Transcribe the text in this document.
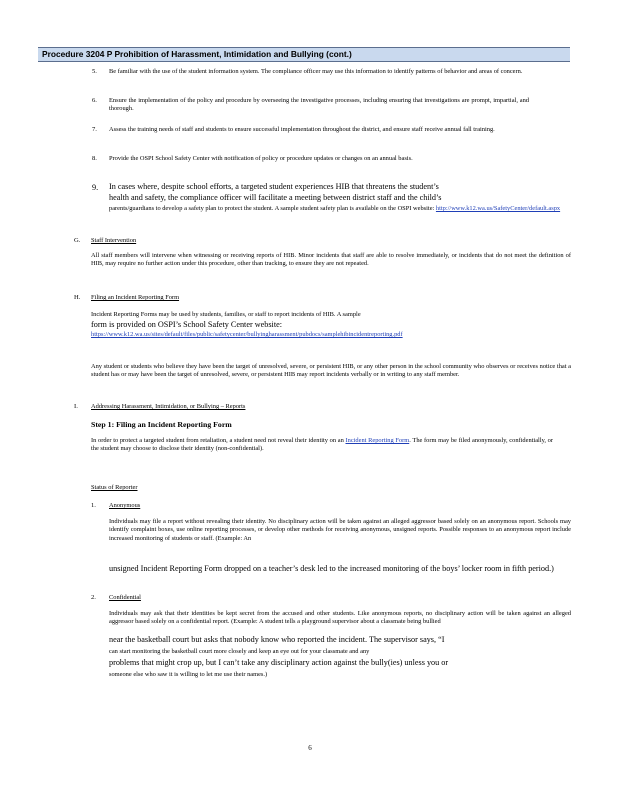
Procedure 3204 P Prohibition of Harassment, Intimidation and Bullying (cont.)
5. Be familiar with the use of the student information system. The compliance officer may use this information to identify patterns of behavior and areas of concern.
6. Ensure the implementation of the policy and procedure by overseeing the investigative processes, including ensuring that investigations are prompt, impartial, and thorough.
7. Assess the training needs of staff and students to ensure successful implementation throughout the district, and ensure staff receive annual fall training.
8. Provide the OSPI School Safety Center with notification of policy or procedure updates or changes on an annual basis.
9. In cases where, despite school efforts, a targeted student experiences HIB that threatens the student’s
health and safety, the compliance officer will facilitate a meeting between district staff and the child’s
parents/guardians to develop a safety plan to protect the student. A sample student safety plan is available on the OSPI website: http://www.k12.wa.us/SafetyCenter/default.aspx
G. Staff Intervention
All staff members will intervene when witnessing or receiving reports of HIB. Minor incidents that staff are able to resolve immediately, or incidents that do not meet the definition of HIB, may require no further action under this procedure, other than tracking, to ensure they are not repeated.
H. Filing an Incident Reporting Form
Incident Reporting Forms may be used by students, families, or staff to report incidents of HIB. A sample
form is provided on OSPI’s School Safety Center website:
https://www.k12.wa.us/sites/default/files/public/safetycenter/bullyingharassment/pubdocs/samplehibincidentreporting.pdf
Any student or students who believe they have been the target of unresolved, severe, or persistent HIB, or any other person in the school community who observes or receives notice that a student has or may have been the target of unresolved, severe, or persistent HIB may report incidents verbally or in writing to any staff member.
I. Addressing Harassment, Intimidation, or Bullying – Reports
Step 1: Filing an Incident Reporting Form
In order to protect a targeted student from retaliation, a student need not reveal their identity on an Incident Reporting Form. The form may be filed anonymously, confidentially, or the student may choose to disclose their identity (non-confidential).
Status of Reporter
1. Anonymous
Individuals may file a report without revealing their identity. No disciplinary action will be taken against an alleged aggressor based solely on an anonymous report. Schools may identify complaint boxes, use online reporting processes, or develop other methods for receiving anonymous, unsigned reports. Possible responses to an anonymous report include increased monitoring of students or staff. (Example: An
unsigned Incident Reporting Form dropped on a teacher’s desk led to the increased monitoring of the boys’ locker room in fifth period.)
2. Confidential
Individuals may ask that their identities be kept secret from the accused and other students. Like anonymous reports, no disciplinary action will be taken against an alleged aggressor based solely on a confidential report. (Example: A student tells a playground supervisor about a classmate being bullied
near the basketball court but asks that nobody know who reported the incident. The supervisor says, “I
can start monitoring the basketball court more closely and keep an eye out for your classmate and any
problems that might crop up, but I can’t take any disciplinary action against the bully(ies) unless you or
someone else who saw it is willing to let me use their names.)
6
